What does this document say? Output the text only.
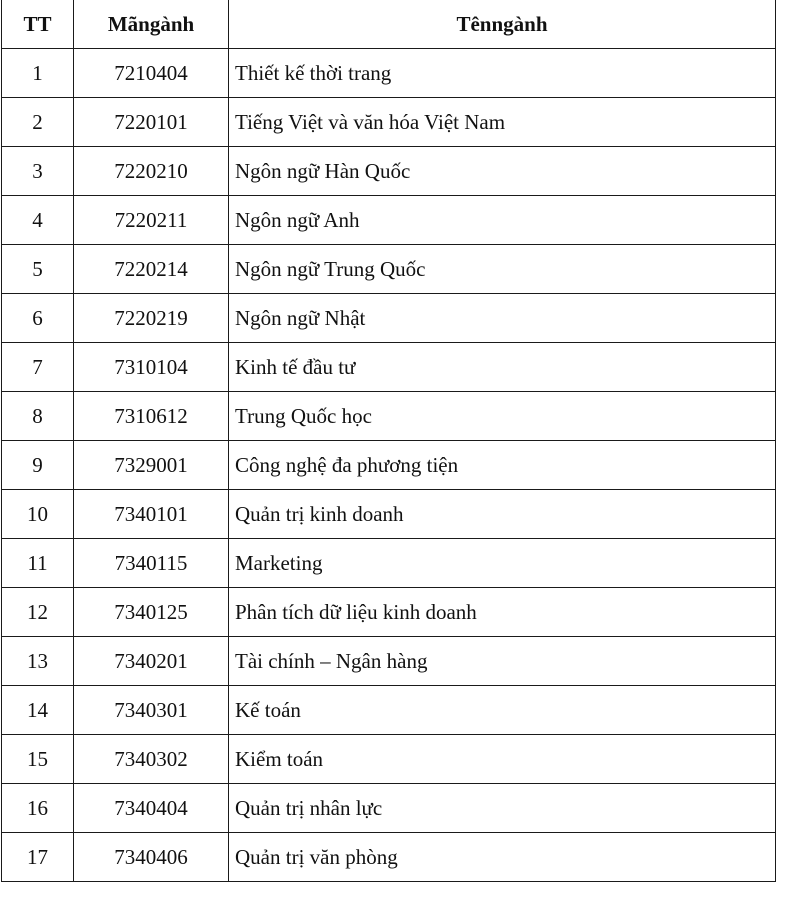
TT	Mãngành	Tênngành
1	7210404	Thiết kế thời trang
2	7220101	Tiếng Việt và văn hóa Việt Nam
3	7220210	Ngôn ngữ Hàn Quốc
4	7220211	Ngôn ngữ Anh
5	7220214	Ngôn ngữ Trung Quốc
6	7220219	Ngôn ngữ Nhật
7	7310104	Kinh tế đầu tư
8	7310612	Trung Quốc học
9	7329001	Công nghệ đa phương tiện
10	7340101	Quản trị kinh doanh
11	7340115	Marketing
12	7340125	Phân tích dữ liệu kinh doanh
13	7340201	Tài chính – Ngân hàng
14	7340301	Kế toán
15	7340302	Kiểm toán
16	7340404	Quản trị nhân lực
17	7340406	Quản trị văn phòng
